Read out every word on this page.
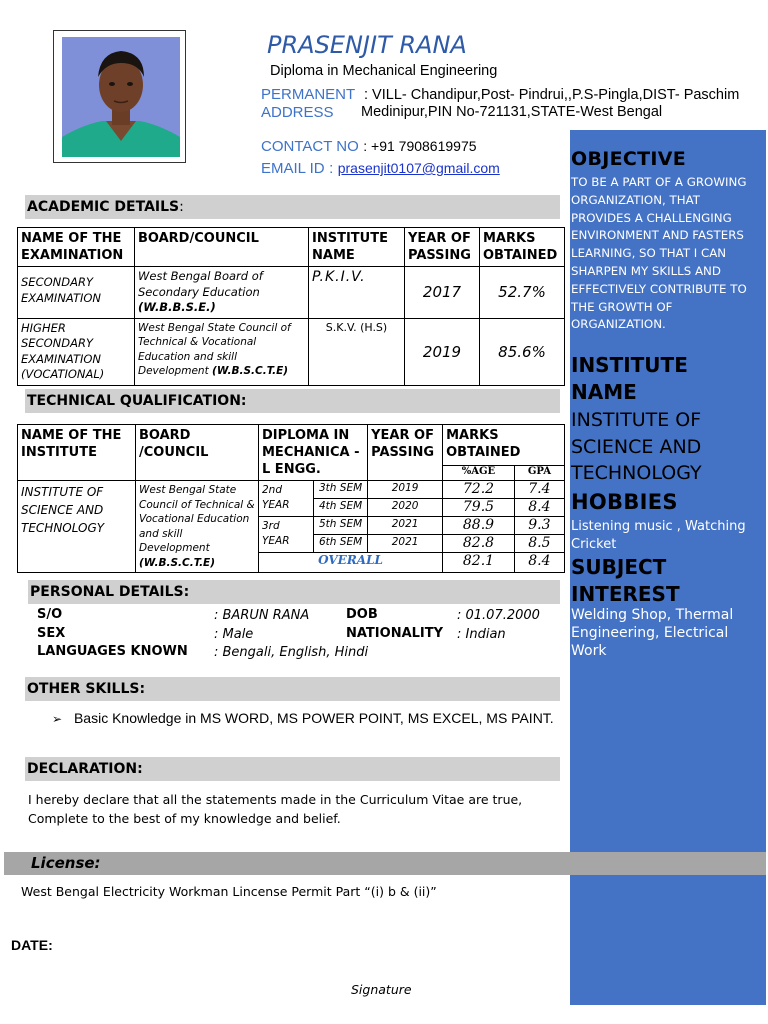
PRASENJIT RANA
Diploma in Mechanical Engineering
PERMANENT : VILL- Chandipur,Post- Pindrui,,P.S-Pingla,DIST- Paschim
ADDRESS Medinipur,PIN No-721131,STATE-West Bengal
CONTACT NO : +91 7908619975
EMAIL ID : prasenjit0107@gmail.com	OBJECTIVE
TO BE A PART OF A GROWING ORGANIZATION, THAT PROVIDES A CHALLENGING ENVIRONMENT AND FASTERS LEARNING, SO THAT I CAN SHARPEN MY SKILLS AND EFFECTIVELY CONTRIBUTE TO THE GROWTH OF ORGANIZATION.
INSTITUTE NAME
INSTITUTE OF SCIENCE AND TECHNOLOGY
HOBBIES
Listening music , Watching Cricket
SUBJECT INTEREST
Welding Shop, Thermal Engineering, Electrical Work
ACADEMIC DETAILS:
NAME OF THE EXAMINATION	BOARD/COUNCIL	INSTITUTE NAME	YEAR OF PASSING	MARKS OBTAINED
SECONDARY EXAMINATION	West Bengal Board of Secondary Education
(W.B.B.S.E.)	P.K.I.V.	2017	52.7%
HIGHER SECONDARY EXAMINATION (VOCATIONAL)	West Bengal State Council of Technical & Vocational Education and skill Development (W.B.S.C.T.E)	S.K.V. (H.S)	2019	85.6%
TECHNICAL QUALIFICATION:
NAME OF THE INSTITUTE	BOARD /COUNCIL	DIPLOMA IN MECHANICA -L ENGG.		YEAR OF PASSING	MARKS OBTAINED	
					%AGE	GPA
INSTITUTE OF SCIENCE AND TECHNOLOGY	West Bengal State Council of Technical & Vocational Education and skill Development
(W.B.S.C.T.E)	2nd YEAR	3th SEM	2019	72.2	7.4
			4th SEM	2020	79.5	8.4
		3rd YEAR	5th SEM	2021	88.9	9.3
			6th SEM	2021	82.8	8.5
		OVERALL			82.1	8.4
PERSONAL DETAILS:
S/O	: BARUN RANA	DOB	: 01.07.2000
SEX	: Male	NATIONALITY : Indian
LANGUAGES KNOWN : Bengali, English, Hindi
OTHER SKILLS:
➢ Basic Knowledge in MS WORD, MS POWER POINT, MS EXCEL, MS PAINT.
DECLARATION:
I hereby declare that all the statements made in the Curriculum Vitae are true,
Complete to the best of my knowledge and belief.
License:
West Bengal Electricity Workman Lincense Permit Part “(i) b & (ii)”
DATE:
Signature
